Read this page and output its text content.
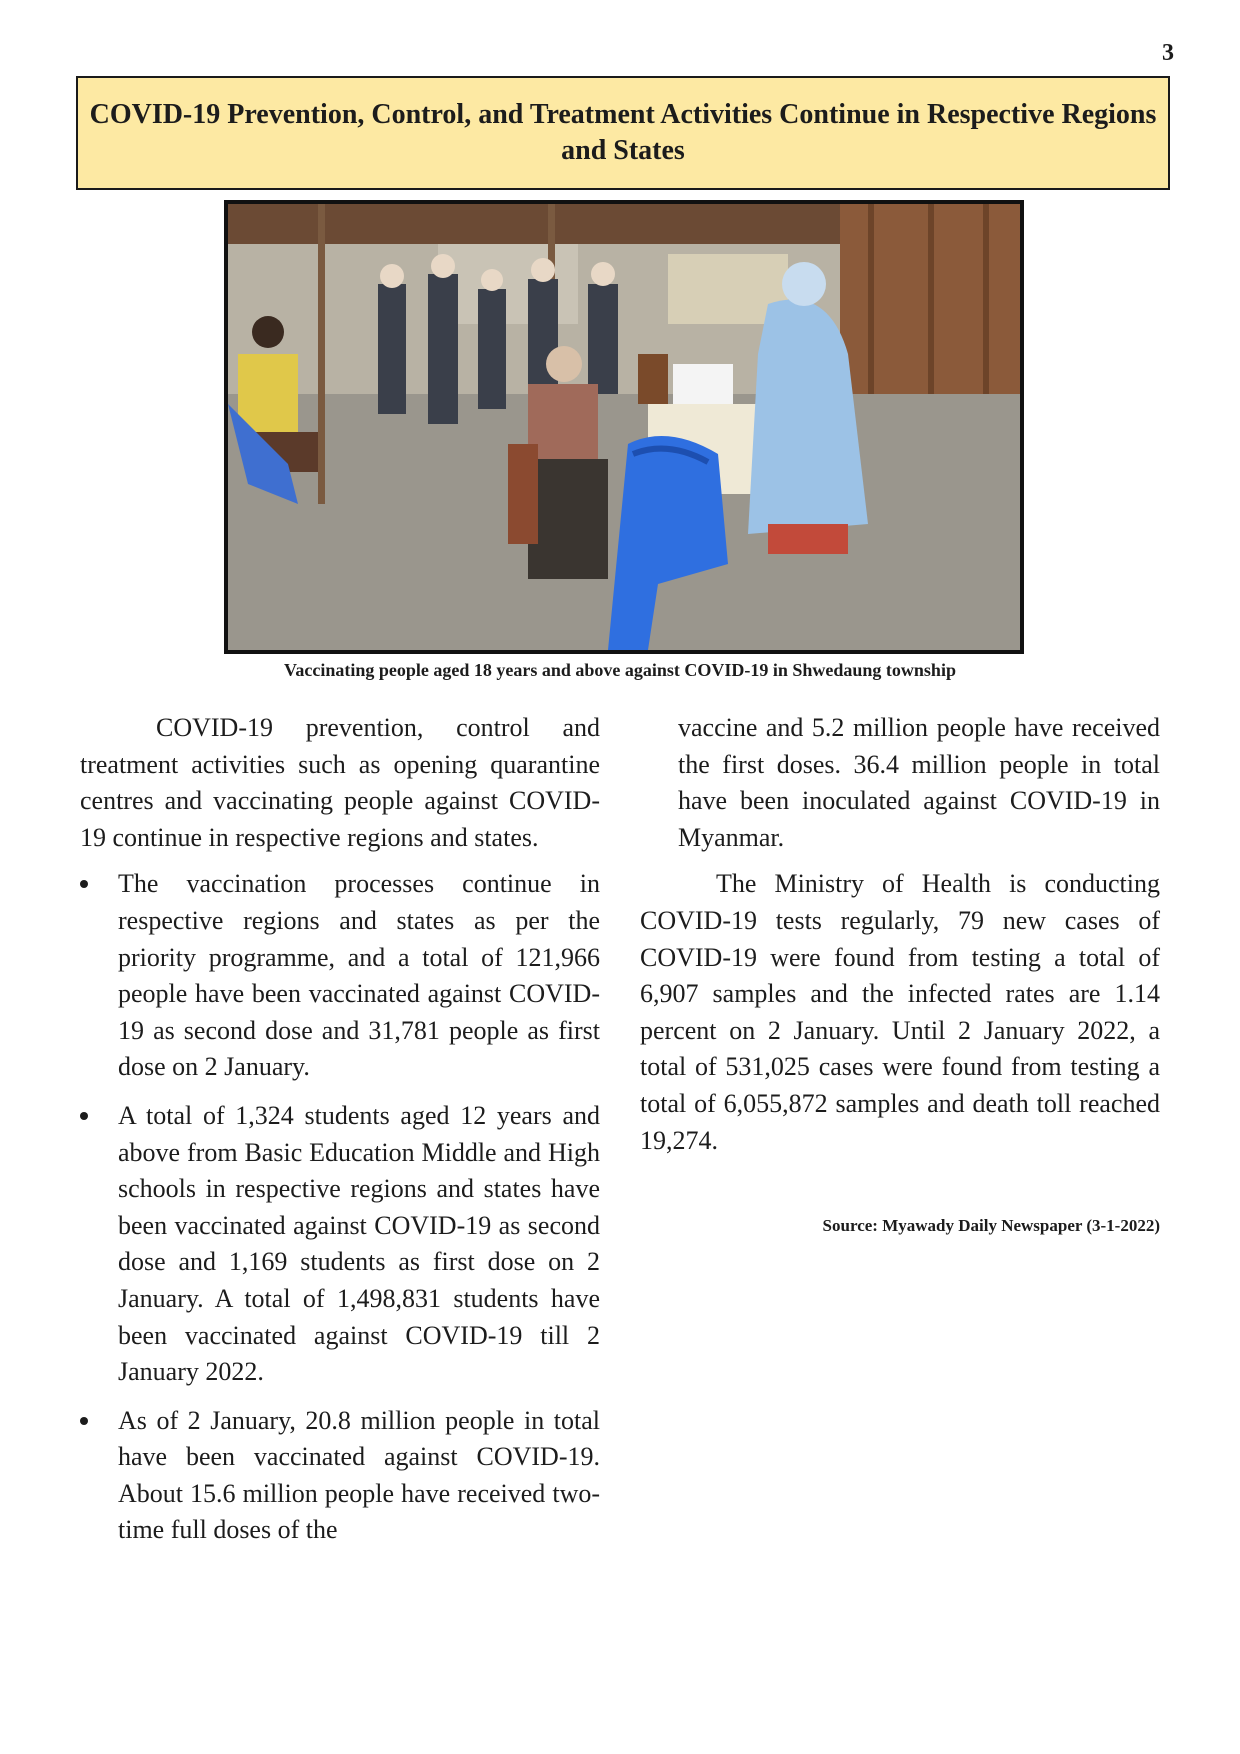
3
COVID-19 Prevention, Control, and Treatment Activities Continue in Respective Regions and States
Vaccinating people aged 18 years and above against COVID-19 in Shwedaung township

COVID-19 prevention, control and treatment activities such as opening quarantine centres and vaccinating people against COVID-19 continue in respective regions and states.

The vaccination processes continue in respective regions and states as per the priority programme, and a total of 121,966 people have been vaccinated against COVID-19 as second dose and 31,781 people as first dose on 2 January.

A total of 1,324 students aged 12 years and above from Basic Education Middle and High schools in respective regions and states have been vaccinated against COVID-19 as second dose and 1,169 students as first dose on 2 January. A total of 1,498,831 students have been vaccinated against COVID-19 till 2 January 2022.

As of 2 January, 20.8 million people in total have been vaccinated against COVID-19. About 15.6 million people have received two-time full doses of the

vaccine and 5.2 million people have received the first doses. 36.4 million people in total have been inoculated against COVID-19 in Myanmar.

The Ministry of Health is conducting COVID-19 tests regularly, 79 new cases of COVID-19 were found from testing a total of 6,907 samples and the infected rates are 1.14 percent on 2 January. Until 2 January 2022, a total of 531,025 cases were found from testing a total of 6,055,872 samples and death toll reached 19,274.

Source: Myawady Daily Newspaper (3-1-2022)
